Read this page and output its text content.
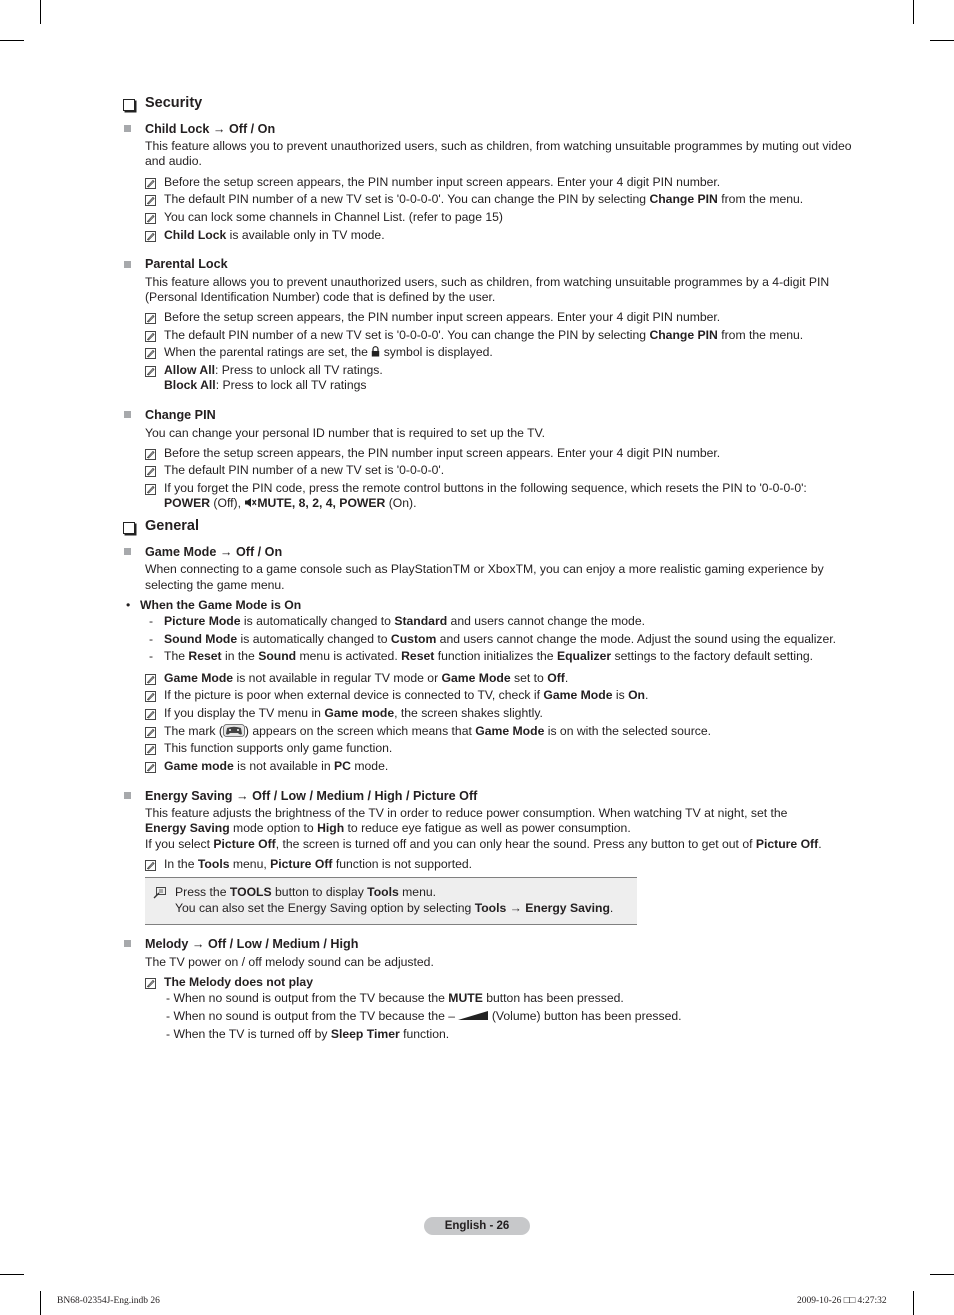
Security
Child Lock → Off / On
This feature allows you to prevent unauthorized users, such as children, from watching unsuitable programmes by muting out video
and audio.
Before the setup screen appears, the PIN number input screen appears. Enter your 4 digit PIN number.
The default PIN number of a new TV set is '0-0-0-0'. You can change the PIN by selecting Change PIN from the menu.
You can lock some channels in Channel List. (refer to page 15)
Child Lock is available only in TV mode.
Parental Lock
This feature allows you to prevent unauthorized users, such as children, from watching unsuitable programmes by a 4-digit PIN
(Personal Identification Number) code that is defined by the user.
Before the setup screen appears, the PIN number input screen appears. Enter your 4 digit PIN number.
The default PIN number of a new TV set is '0-0-0-0'. You can change the PIN by selecting Change PIN from the menu.
When the parental ratings are set, the  symbol is displayed.
Allow All: Press to unlock all TV ratings.
Block All: Press to lock all TV ratings
Change PIN
You can change your personal ID number that is required to set up the TV.
Before the setup screen appears, the PIN number input screen appears. Enter your 4 digit PIN number.
The default PIN number of a new TV set is '0-0-0-0'.
If you forget the PIN code, press the remote control buttons in the following sequence, which resets the PIN to '0-0-0-0':
POWER (Off), MUTE, 8, 2, 4, POWER (On).
General
Game Mode → Off / On
When connecting to a game console such as PlayStationTM or XboxTM, you can enjoy a more realistic gaming experience by
selecting the game menu.
• When the Game Mode is On
- Picture Mode is automatically changed to Standard and users cannot change the mode.
- Sound Mode is automatically changed to Custom and users cannot change the mode. Adjust the sound using the equalizer.
- The Reset in the Sound menu is activated. Reset function initializes the Equalizer settings to the factory default setting.
Game Mode is not available in regular TV mode or Game Mode set to Off.
If the picture is poor when external device is connected to TV, check if Game Mode is On.
If you display the TV menu in Game mode, the screen shakes slightly.
The mark ( ) appears on the screen which means that Game Mode is on with the selected source.
This function supports only game function.
Game mode is not available in PC mode.
Energy Saving → Off / Low / Medium / High / Picture Off
This feature adjusts the brightness of the TV in order to reduce power consumption. When watching TV at night, set the
Energy Saving mode option to High to reduce eye fatigue as well as power consumption.
If you select Picture Off, the screen is turned off and you can only hear the sound. Press any button to get out of Picture Off.
In the Tools menu, Picture Off function is not supported.
Press the TOOLS button to display Tools menu.
You can also set the Energy Saving option by selecting Tools → Energy Saving.
Melody → Off / Low / Medium / High
The TV power on / off melody sound can be adjusted.
The Melody does not play
- When no sound is output from the TV because the MUTE button has been pressed.
- When no sound is output from the TV because the –  (Volume) button has been pressed.
- When the TV is turned off by Sleep Timer function.
English - 26
BN68-02354J-Eng.indb 26	2009-10-26 □□ 4:27:32
